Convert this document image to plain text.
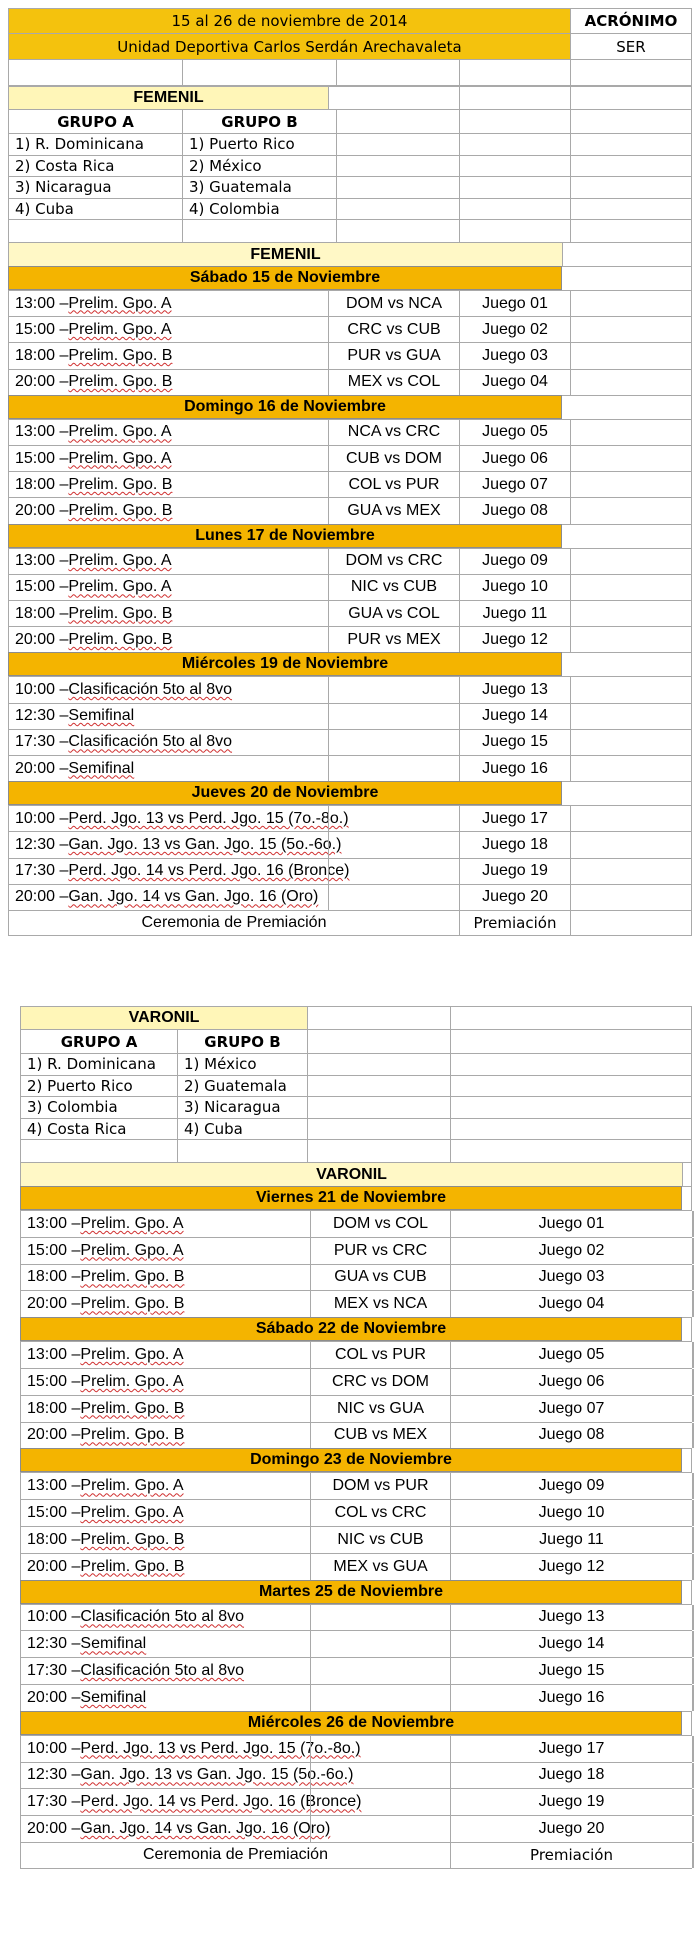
15 al 26 de noviembre de 2014	ACRÓNIMO
Unidad Deportiva Carlos Serdán Arechavaleta	SER
FEMENIL
GRUPO A	GRUPO B
1) R. Dominicana	1) Puerto Rico
2) Costa Rica	2) México
3) Nicaragua	3) Guatemala
4) Cuba	4) Colombia
FEMENIL
Sábado 15 de Noviembre
13:00 – Prelim. Gpo. A	DOM vs NCA	Juego 01
15:00 – Prelim. Gpo. A	CRC vs CUB	Juego 02
18:00 – Prelim. Gpo. B	PUR vs GUA	Juego 03
20:00 – Prelim. Gpo. B	MEX vs COL	Juego 04
Domingo 16 de Noviembre
13:00 – Prelim. Gpo. A	NCA vs CRC	Juego 05
15:00 – Prelim. Gpo. A	CUB vs DOM	Juego 06
18:00 – Prelim. Gpo. B	COL vs PUR	Juego 07
20:00 – Prelim. Gpo. B	GUA vs MEX	Juego 08
Lunes 17 de Noviembre
13:00 – Prelim. Gpo. A	DOM vs CRC	Juego 09
15:00 – Prelim. Gpo. A	NIC vs CUB	Juego 10
18:00 – Prelim. Gpo. B	GUA vs COL	Juego 11
20:00 – Prelim. Gpo. B	PUR vs MEX	Juego 12
Miércoles 19 de Noviembre
10:00 – Clasificación 5to al 8vo	Juego 13
12:30 – Semifinal	Juego 14
17:30 – Clasificación 5to al 8vo	Juego 15
20:00 – Semifinal	Juego 16
Jueves 20 de Noviembre
10:00 – Perd. Jgo. 13 vs Perd. Jgo. 15 (7o.-8o.)	Juego 17
12:30 – Gan. Jgo. 13 vs Gan. Jgo. 15 (5o.-6o.)	Juego 18
17:30 – Perd. Jgo. 14 vs Perd. Jgo. 16 (Bronce)	Juego 19
20:00 – Gan. Jgo. 14 vs Gan. Jgo. 16 (Oro)	Juego 20
Ceremonia de Premiación	Premiación
VARONIL
GRUPO A	GRUPO B
1) R. Dominicana	1) México
2) Puerto Rico	2) Guatemala
3) Colombia	3) Nicaragua
4) Costa Rica	4) Cuba
VARONIL
Viernes 21 de Noviembre
13:00 – Prelim. Gpo. A	DOM vs COL	Juego 01
15:00 – Prelim. Gpo. A	PUR vs CRC	Juego 02
18:00 – Prelim. Gpo. B	GUA vs CUB	Juego 03
20:00 – Prelim. Gpo. B	MEX vs NCA	Juego 04
Sábado 22 de Noviembre
13:00 – Prelim. Gpo. A	COL vs PUR	Juego 05
15:00 – Prelim. Gpo. A	CRC vs DOM	Juego 06
18:00 – Prelim. Gpo. B	NIC vs GUA	Juego 07
20:00 – Prelim. Gpo. B	CUB vs MEX	Juego 08
Domingo 23 de Noviembre
13:00 – Prelim. Gpo. A	DOM vs PUR	Juego 09
15:00 – Prelim. Gpo. A	COL vs CRC	Juego 10
18:00 – Prelim. Gpo. B	NIC vs CUB	Juego 11
20:00 – Prelim. Gpo. B	MEX vs GUA	Juego 12
Martes 25 de Noviembre
10:00 – Clasificación 5to al 8vo	Juego 13
12:30 – Semifinal	Juego 14
17:30 – Clasificación 5to al 8vo	Juego 15
20:00 – Semifinal	Juego 16
Miércoles 26 de Noviembre
10:00 – Perd. Jgo. 13 vs Perd. Jgo. 15 (7o.-8o.)	Juego 17
12:30 – Gan. Jgo. 13 vs Gan. Jgo. 15 (5o.-6o.)	Juego 18
17:30 – Perd. Jgo. 14 vs Perd. Jgo. 16 (Bronce)	Juego 19
20:00 – Gan. Jgo. 14 vs Gan. Jgo. 16 (Oro)	Juego 20
Ceremonia de Premiación	Premiación
